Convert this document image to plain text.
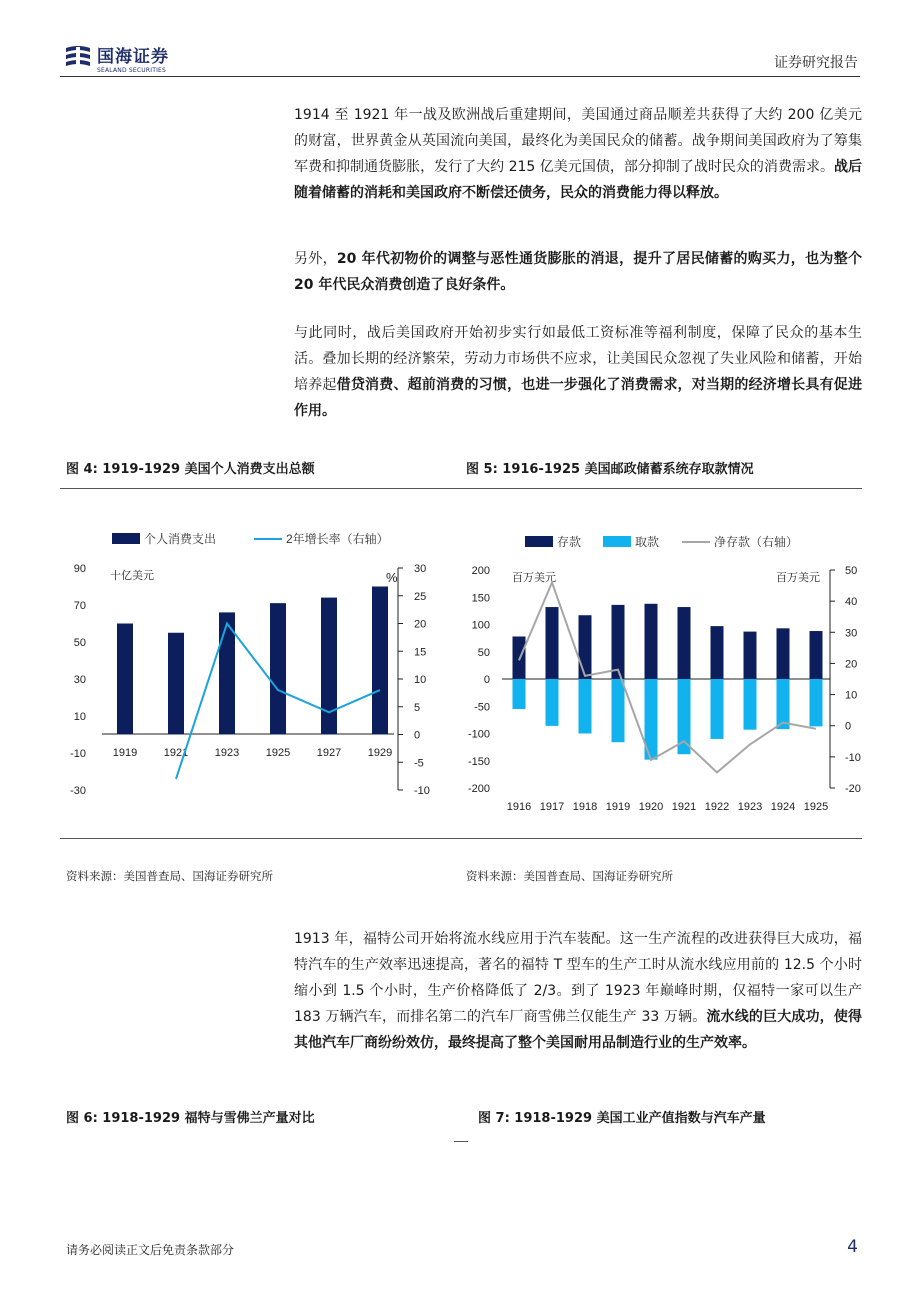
国海证券
SEALAND SECURITIES	证券研究报告
1914 至 1921 年一战及欧洲战后重建期间，美国通过商品顺差共获得了大约 200 亿美元的财富，世界黄金从英国流向美国，最终化为美国民众的储蓄。战争期间美国政府为了筹集军费和抑制通货膨胀，发行了大约 215 亿美元国债，部分抑制了战时民众的消费需求。战后随着储蓄的消耗和美国政府不断偿还债务，民众的消费能力得以释放。
另外，20 年代初物价的调整与恶性通货膨胀的消退，提升了居民储蓄的购买力，也为整个 20 年代民众消费创造了良好条件。
与此同时，战后美国政府开始初步实行如最低工资标准等福利制度，保障了民众的基本生活。叠加长期的经济繁荣，劳动力市场供不应求，让美国民众忽视了失业风险和储蓄，开始培养起借贷消费、超前消费的习惯，也进一步强化了消费需求，对当期的经济增长具有促进作用。
图 4: 1919-1929 美国个人消费支出总额	图 5: 1916-1925 美国邮政储蓄系统存取款情况
个人消费支出	2年增长率（右轴）
十亿美元	%
90
70
50
30
10
-10
-30
30
25
20
15
10
5
0
-5
-10
1919 1921 1923 1925 1927 1929
存款	取款	净存款（右轴）
百万美元	百万美元
200
150
100
50
0
-50
-100
-150
-200
50
40
30
20
10
0
-10
-20
1916 1917 1918 1919 1920 1921 1922 1923 1924 1925
资料来源：美国普查局、国海证券研究所	资料来源：美国普查局、国海证券研究所
1913 年，福特公司开始将流水线应用于汽车装配。这一生产流程的改进获得巨大成功，福特汽车的生产效率迅速提高，著名的福特 T 型车的生产工时从流水线应用前的 12.5 个小时缩小到 1.5 个小时，生产价格降低了 2/3。到了 1923 年巅峰时期，仅福特一家可以生产 183 万辆汽车，而排名第二的汽车厂商雪佛兰仅能生产 33 万辆。流水线的巨大成功，使得其他汽车厂商纷纷效仿，最终提高了整个美国耐用品制造行业的生产效率。
图 6: 1918-1929 福特与雪佛兰产量对比	图 7: 1918-1929 美国工业产值指数与汽车产量
请务必阅读正文后免责条款部分	4
